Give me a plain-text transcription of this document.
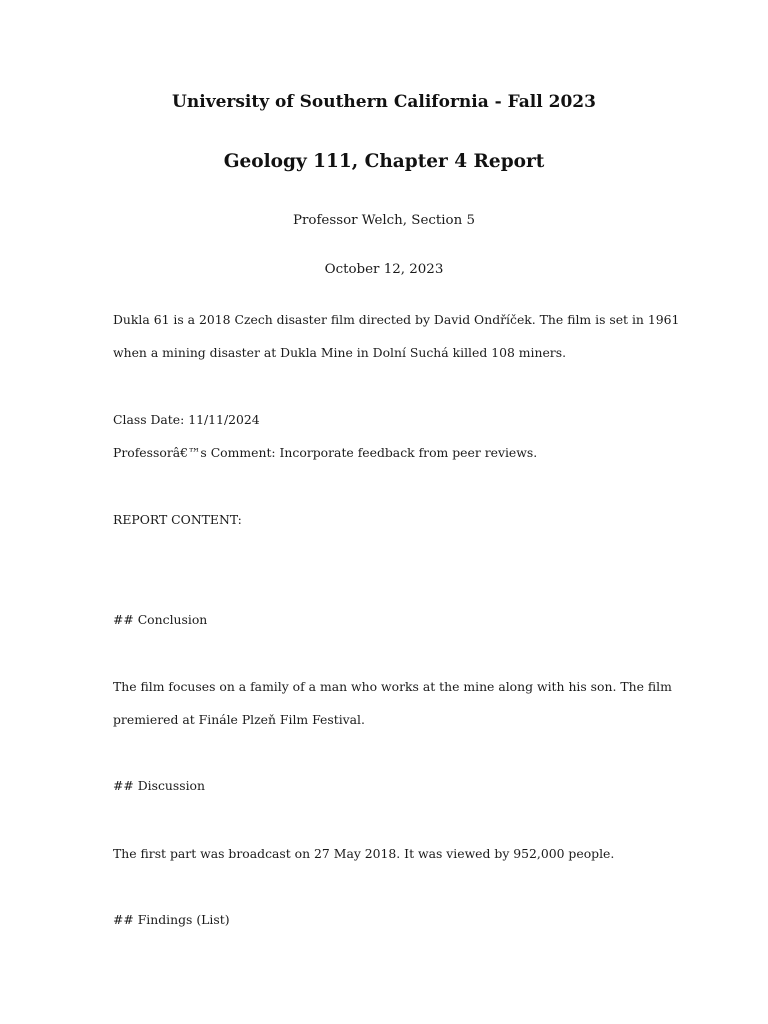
University of Southern California - Fall 2023
Geology 111, Chapter 4 Report
Professor Welch, Section 5
October 12, 2023
Dukla 61 is a 2018 Czech disaster film directed by David Ondříček. The film is set in 1961
when a mining disaster at Dukla Mine in Dolní Suchá killed 108 miners.
Class Date: 11/11/2024
Professorâ€™s Comment: Incorporate feedback from peer reviews.
REPORT CONTENT:
## Conclusion
The film focuses on a family of a man who works at the mine along with his son. The film
premiered at Finále Plzeň Film Festival.
## Discussion
The first part was broadcast on 27 May 2018. It was viewed by 952,000 people.
## Findings (List)
